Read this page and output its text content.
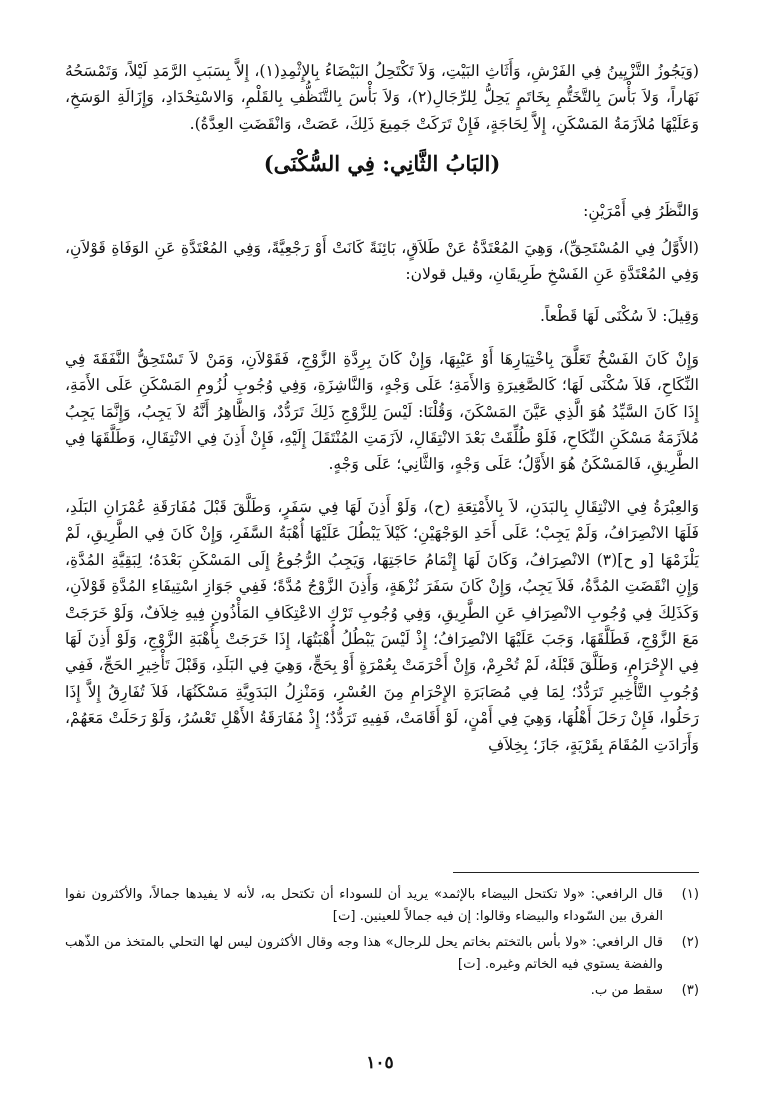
(وَيَجُوزُ التَّزْيِينُ فِي الفَرْشِ، وَأَثَاثِ البَيْتِ، وَلاَ تَكْتَحِلُ البَيْضَاءُ بِالإِثْمِدِ(١)، إِلاَّ بِسَبَبِ الرَّمَدِ لَيْلاً، وَتَمْسَحُهُ نَهَاراً، وَلاَ بَأْسَ بِالتَّخَتُّمِ بِخَاتَمٍ يَحِلُّ لِلرِّجَالِ(٢)، وَلاَ بَأْسَ بِالتَّنَظُّفِ بِالقَلْمِ، وَالاسْتِحْدَادِ، وَإِزَالَةِ الوَسَخِ، وَعَلَيْهَا مُلاَزَمَةُ المَسْكَنِ، إِلاَّ لِحَاجَةٍ، فَإِنْ تَرَكَتْ جَمِيعَ ذَلِكَ، عَصَتْ، وَانْقَضَتِ العِدَّةُ).

(البَابُ الثَّانِي: فِي السُّكْنَى)

وَالنَّظَرُ فِي أَمْرَيْنِ:

(الأَوَّلُ فِي المُسْتَحِقِّ)، وَهِيَ المُعْتَدَّةُ عَنْ طَلاَقٍ، بَائِنَةً كَانَتْ أَوْ رَجْعِيَّةً، وَفِي المُعْتَدَّةِ عَنِ الوَفَاةِ قَوْلاَنِ، وَفِي المُعْتَدَّةِ عَنِ الفَسْخِ طَرِيقَانِ، وقيل قولان:

وَقِيلَ: لاَ سُكْنَى لَهَا قَطْعاً.

وَإِنْ كَانَ الفَسْخُ تَعَلَّقَ بِاخْتِيَارِهَا أَوْ عَيْبِهَا، وَإِنْ كَانَ بِرِدَّةِ الزَّوْجِ، فَقَوْلاَنِ، وَمَنْ لاَ تَسْتَحِقُّ النَّفَقَةَ فِي النِّكَاحِ، فَلاَ سُكْنَى لَهَا؛ كَالصَّغِيرَةِ وَالأَمَةِ؛ عَلَى وَجْهٍ، وَالنَّاشِزَةِ، وَفِي وُجُوبِ لُزُومِ المَسْكَنِ عَلَى الأَمَةِ، إِذَا كَانَ السَّيِّدُ هُوَ الَّذِي عَيَّنَ المَسْكَنَ، وَقُلْنَا: لَيْسَ لِلزَّوْجِ ذَلِكَ تَرَدُّدٌ، وَالظَّاهِرُ أَنَّهُ لاَ يَجِبُ، وَإِنَّمَا يَجِبُ مُلاَزَمَةُ مَسْكَنِ النِّكَاحِ، فَلَوْ طُلِّقَتْ بَعْدَ الانْتِقَالِ، لاَزَمَتِ المُنْتَقَلَ إِلَيْهِ، فَإِنْ أَذِنَ فِي الانْتِقَالِ، وَطَلَّقَهَا فِي الطَّرِيقِ، فَالمَسْكَنُ هُوَ الأَوَّلُ؛ عَلَى وَجْهٍ، وَالثَّانِي؛ عَلَى وَجْهٍ.

وَالعِبْرَةُ فِي الانْتِقَالِ بِالبَدَنِ، لاَ بِالأَمْتِعَةِ (ح)، وَلَوْ أَذِنَ لَهَا فِي سَفَرٍ، وَطَلَّقَ قَبْلَ مُفَارَقَةِ عُمْرَانِ البَلَدِ، فَلَهَا الانْصِرَافُ، وَلَمْ يَجِبْ؛ عَلَى أَحَدِ الوَجْهَيْنِ؛ كَيْلاَ يَبْطُلَ عَلَيْهَا أُهْبَةُ السَّفَرِ، وَإِنْ كَانَ فِي الطَّرِيقِ، لَمْ يَلْزَمْهَا [و ح](٣) الانْصِرَافُ، وَكَانَ لَهَا إِتْمَامُ حَاجَتِهَا، وَيَجِبُ الرُّجُوعُ إِلَى المَسْكَنِ بَعْدَهُ؛ لِبَقِيَّةِ المُدَّةِ، وَإِنِ انْقَضَتِ المُدَّةُ، فَلاَ يَجِبُ، وَإِنْ كَانَ سَفَرَ نُزْهَةٍ، وَأَذِنَ الزَّوْجُ مُدَّةً؛ فَفِي جَوَازِ اسْتِيفَاءِ المُدَّةِ قَوْلاَنِ، وَكَذَلِكَ فِي وُجُوبِ الانْصِرَافِ عَنِ الطَّرِيقِ، وَفِي وُجُوبِ تَرْكِ الاعْتِكَافِ المَأْذُونِ فِيهِ خِلاَفٌ، وَلَوْ خَرَجَتْ مَعَ الزَّوْجِ، فَطَلَّقَهَا، وَجَبَ عَلَيْهَا الانْصِرَافُ؛ إِذْ لَيْسَ يَبْطُلُ أُهْبَتُهَا، إِذَا خَرَجَتْ بِأُهْبَةِ الزَّوْجِ، وَلَوْ أَذِنَ لَهَا فِي الإِحْرَامِ، وَطَلَّقَ قَبْلَهُ، لَمْ تُحْرِمْ، وَإِنْ أَحْرَمَتْ بِعُمْرَةٍ أَوْ بِحَجٍّ، وَهِيَ فِي البَلَدِ، وَقَبْلَ تَأْخِيرِ الحَجِّ، فَفِي وُجُوبِ التَّأْخِيرِ تَرَدُّدٌ؛ لِمَا فِي مُصَابَرَةِ الإِحْرَامِ مِنَ العُسْرِ، وَمَنْزِلُ البَدَوِيَّةِ مَسْكَنُهَا، فَلاَ تُفَارِقُ إِلاَّ إِذَا رَحَلُوا، فَإِنْ رَحَلَ أَهْلُهَا، وَهِيَ فِي أَمْنٍ، لَوْ أَقَامَتْ، فَفِيهِ تَرَدُّدٌ؛ إِذْ مُفَارَقَةُ الأَهْلِ تَعْسُرُ، وَلَوْ رَحَلَتْ مَعَهُمْ، وَأَرَادَتِ المُقَامَ بِقَرْيَةٍ، جَازَ؛ بِخِلاَفِ

(١)
قال الرافعي: «ولا تكتحل البيضاء بالإثمد» يريد أن للسوداء أن تكتحل به، لأنه لا يفيدها جمالاً، والأكثرون نفوا الفرق بين السّوداء والبيضاء وقالوا: إن فيه جمالاً للعينين. [ت]
(٢)
قال الرافعي: «ولا بأس بالتختم بخاتم يحل للرجال» هذا وجه وقال الأكثرون ليس لها التحلي بالمتخذ من الذّهب والفضة يستوي فيه الخاتم وغيره. [ت]
(٣)
سقط من ب.
١٠٥
